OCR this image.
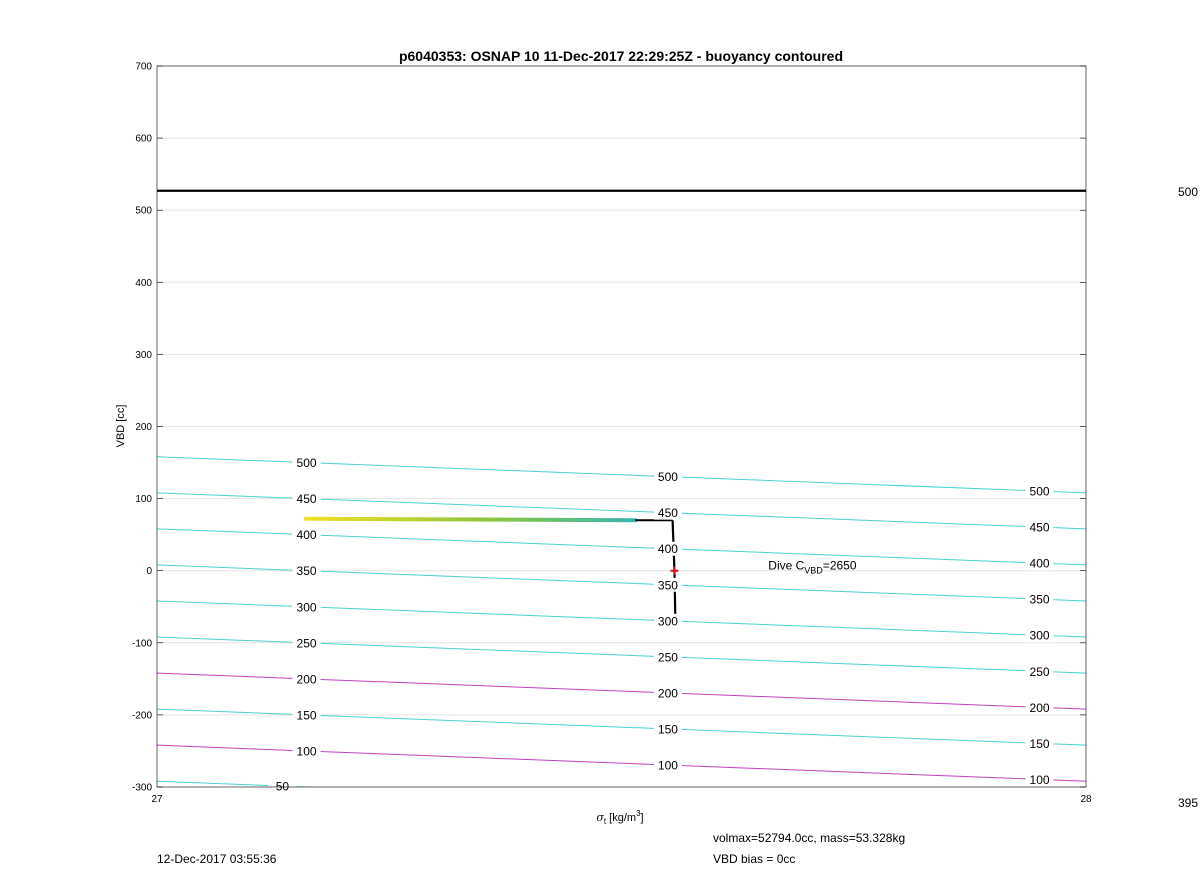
p6040353: OSNAP 10 11-Dec-2017 22:29:25Z - buoyancy contoured
50
100
100
100
150
150
150
200
200
200
250
250
250
300
300
300
350
350
350
400
400
400
450
450
450
500
500
500
-300
-200
-100
0
100
200
300
400
500
600
700
27	28
VBD [cc]
$\sigma_t$ $[kg/m^3]$
Dive $C_{VBD}=2650$
500
395
12-Dec-2017 03:55:36
volmax=52794.0cc, mass=53.328kg
VBD bias = 0cc
